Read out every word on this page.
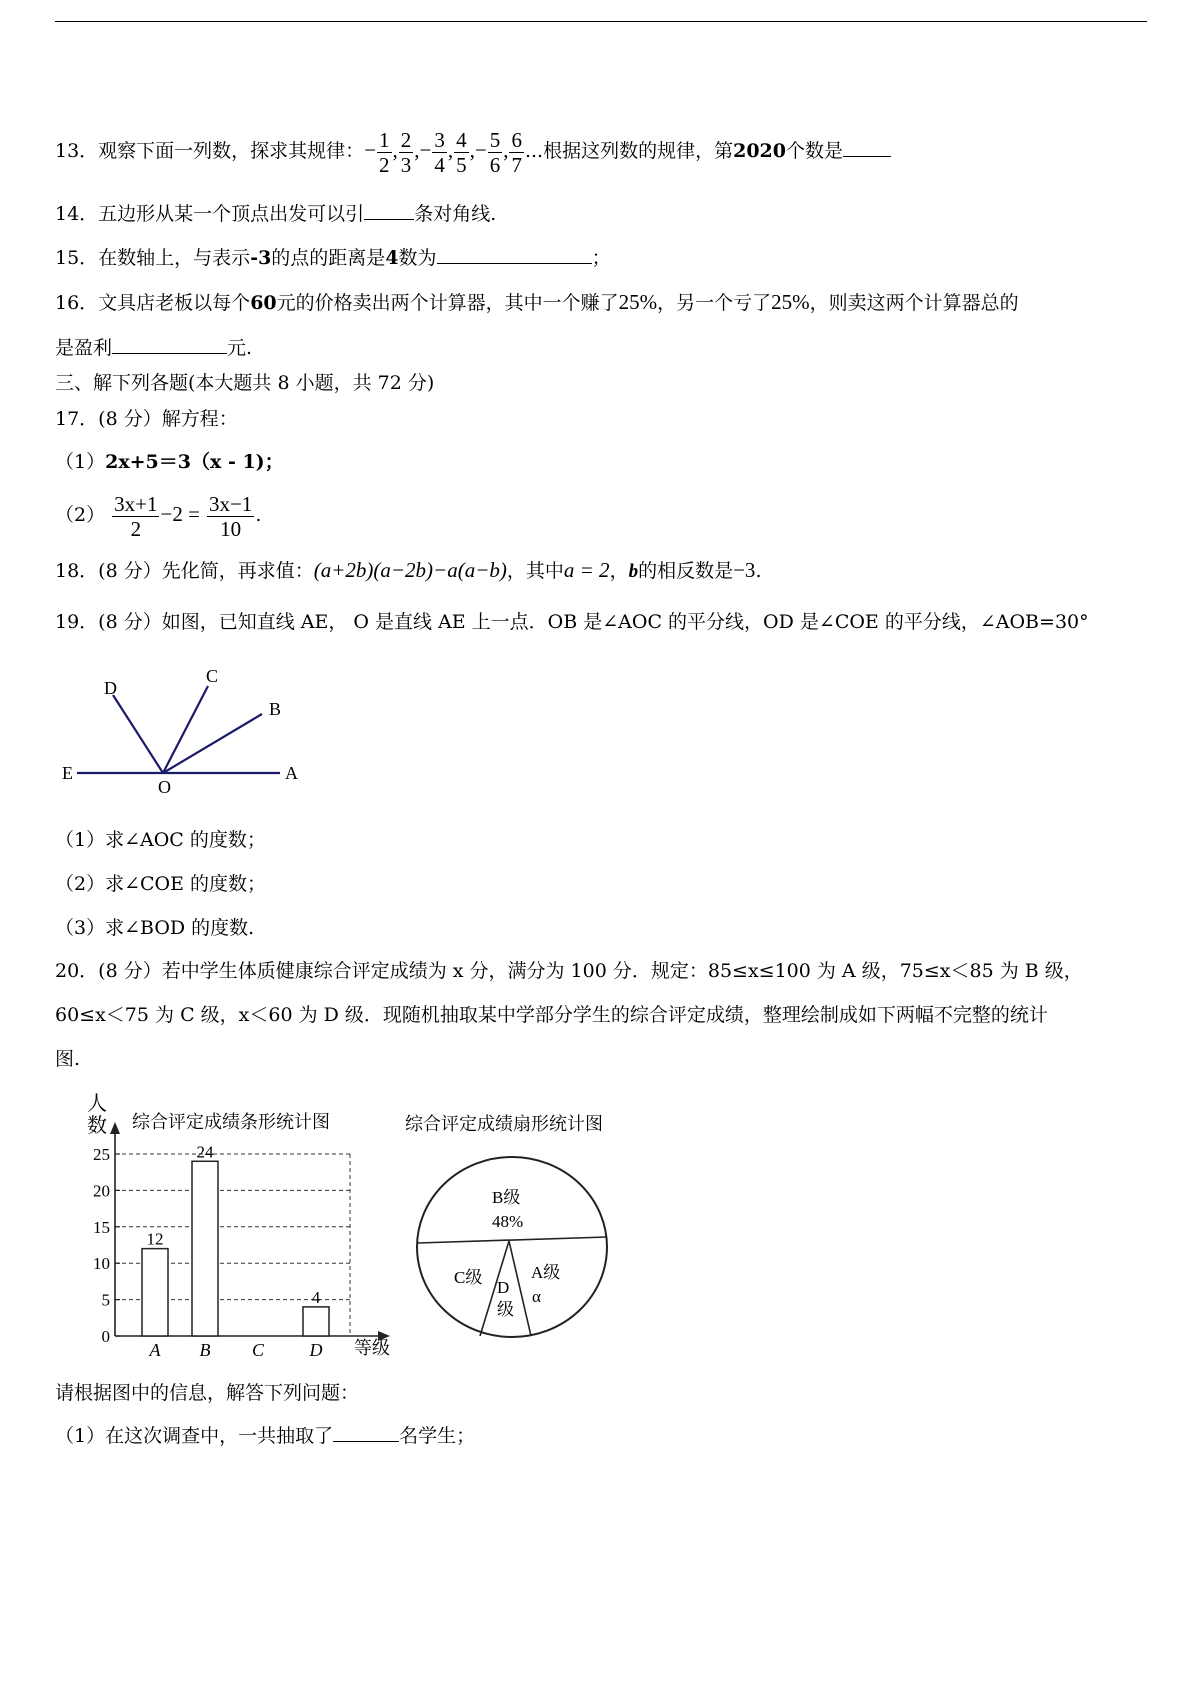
13．观察下面一列数，探求其规律：− $\frac{1}{2}$ , $\frac{2}{3}$ ,− $\frac{3}{4}$ , $\frac{4}{5}$ ,− $\frac{5}{6}$ , $\frac{6}{7}$ ...根据这列数的规律，第2020个数是
14．五边形从某一个顶点出发可以引	条对角线.
15．在数轴上，与表示-3的点的距离是4数为	；
16．文具店老板以每个60元的价格卖出两个计算器，其中一个赚了25%，另一个亏了25%，则卖这两个计算器总的
是盈利	元.
三、解下列各题(本大题共 8 小题，共 72 分)
17．(8 分）解方程：
（1）2x+5＝3（x - 1)；
$(2) \frac{3x+1}{2} -2 = \frac{3x-1}{10}$ .
18．(8 分）先化简，再求值：(a+2b)(a−2b)−a(a−b)，其中a = 2，b的相反数是−3.
19．(8 分）如图，已知直线 AE， O 是直线 AE 上一点．OB 是∠AOC 的平分线，OD 是∠COE 的平分线，∠AOB=30°
D
C
B
E
O
A
（1）求∠AOC 的度数；
（2）求∠COE 的度数；
（3）求∠BOD 的度数.
20．(8 分）若中学生体质健康综合评定成绩为 x 分，满分为 100 分．规定：85≤x≤100 为 A 级，75≤x＜85 为 B 级，
60≤x＜75 为 C 级，x＜60 为 D 级．现随机抽取某中学部分学生的综合评定成绩，整理绘制成如下两幅不完整的统计
图.
人
数 综合评定成绩条形统计图
等级
0
5
10
15
20
25
12
A
24
B C
4
D
综合评定成绩扇形统计图
B级
48%
C级
D
级
A级
α
请根据图中的信息，解答下列问题：
（1）在这次调查中，一共抽取了	名学生；
